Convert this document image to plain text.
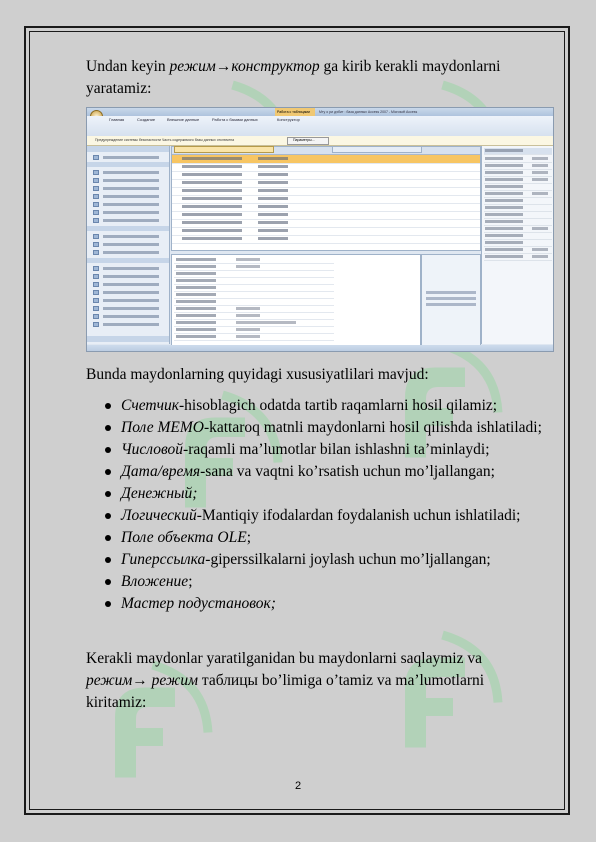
Undan keyin режим→конструктор ga kirib kerakli maydonlarni yaratamiz:
Мту о ри дэбит : база данных Access 2007 - Microsoft Access
Работа с таблицами
Главная	Создание	Внешние данные	Работа с базами данных	Конструктор
Предупреждение системы безопасности Часть содержимого базы данных отключена	Параметры...
Bunda maydonlarning quyidagi xususiyatlilari mavjud:
Счетчик-hisoblagich odatda tartib raqamlarni hosil qilamiz;
Поле МЕМО-kattaroq matnli maydonlarni hosil qilishda ishlatiladi;
Числовой-raqamli ma’lumotlar bilan ishlashni ta’minlaydi;
Дата/время-sana va vaqtni ko’rsatish uchun mo’ljallangan;
Денежный;
Логический-Mantiqiy ifodalardan foydalanish uchun ishlatiladi;
Поле объекта OLE;
Гиперссылка-giperssilkalarni joylash uchun mo’ljallangan;
Вложение;
Мастер подустановок;
Kerakli maydonlar yaratilganidan bu maydonlarni saqlaymiz va
режим→ режим таблицы bo’limiga o’tamiz va ma’lumotlarni
kiritamiz:
2
